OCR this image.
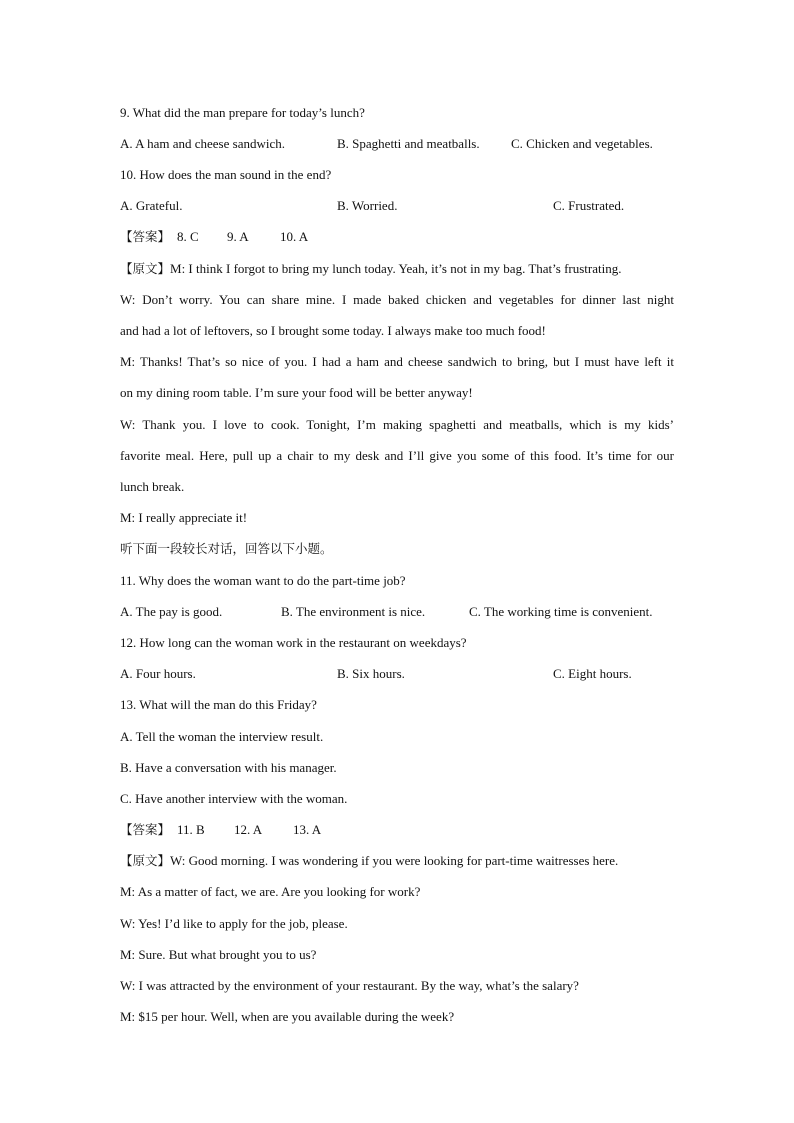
9. What did the man prepare for today’s lunch?
A. A ham and cheese sandwich.	B. Spaghetti and meatballs. C. Chicken and vegetables.
10. How does the man sound in the end?
A. Grateful.	B. Worried.	C. Frustrated.
【答案】 8. C 9. A 10. A
【原文】M: I think I forgot to bring my lunch today. Yeah, it’s not in my bag. That’s frustrating.
W: Don’t worry. You can share mine. I made baked chicken and vegetables for dinner last night
and had a lot of leftovers, so I brought some today. I always make too much food!
M: Thanks! That’s so nice of you. I had a ham and cheese sandwich to bring, but I must have left it
on my dining room table. I’m sure your food will be better anyway!
W: Thank you. I love to cook. Tonight, I’m making spaghetti and meatballs, which is my kids’
favorite meal. Here, pull up a chair to my desk and I’ll give you some of this food. It’s time for our
lunch break.
M: I really appreciate it!
听下面一段较长对话，回答以下小题。
11. Why does the woman want to do the part-time job?
A. The pay is good.	B. The environment is nice.	C. The working time is convenient.
12. How long can the woman work in the restaurant on weekdays?
A. Four hours.	B. Six hours.	C. Eight hours.
13. What will the man do this Friday?
A. Tell the woman the interview result.
B. Have a conversation with his manager.
C. Have another interview with the woman.
【答案】 11. B 12. A 13. A
【原文】W: Good morning. I was wondering if you were looking for part-time waitresses here.
M: As a matter of fact, we are. Are you looking for work?
W: Yes! I’d like to apply for the job, please.
M: Sure. But what brought you to us?
W: I was attracted by the environment of your restaurant. By the way, what’s the salary?
M: $15 per hour. Well, when are you available during the week?
